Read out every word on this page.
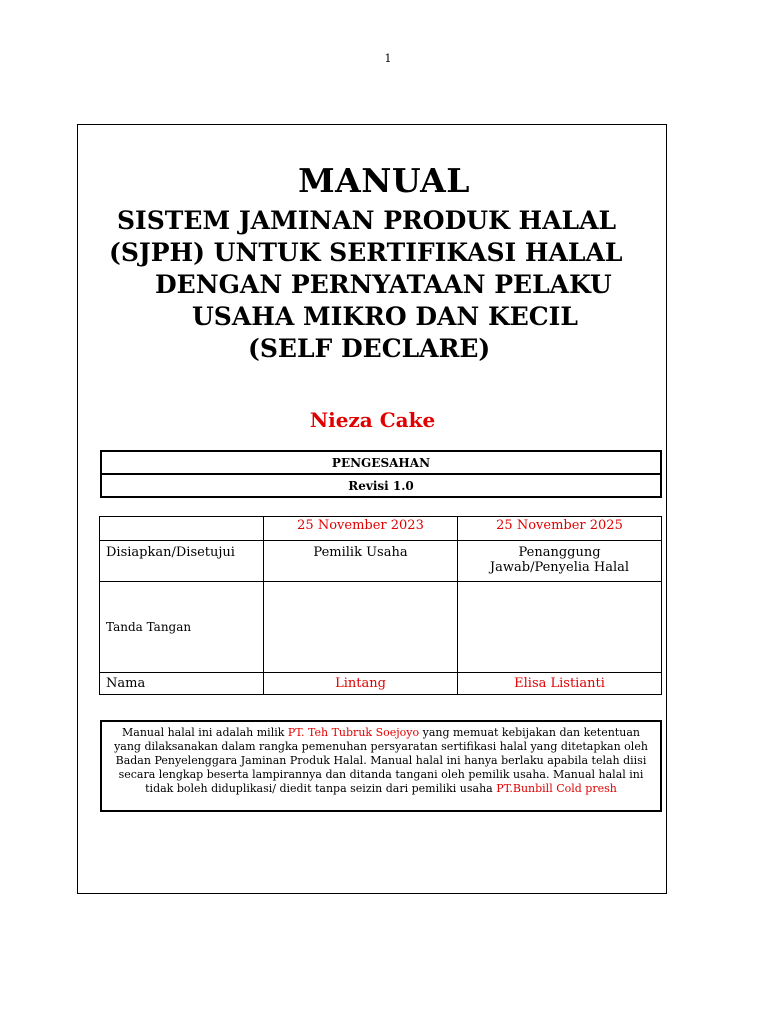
1
MANUAL
SISTEM JAMINAN PRODUK HALAL
(SJPH) UNTUK SERTIFIKASI HALAL
DENGAN PERNYATAAN PELAKU
USAHA MIKRO DAN KECIL
(SELF DECLARE)
Nieza Cake
PENGESAHAN
Revisi 1.0
	25 November 2023	25 November 2025
Disiapkan/Disetujui	Pemilik Usaha	Penanggung
Jawab/Penyelia Halal

Tanda Tangan		
Nama	Lintang	Elisa Listianti
Manual halal ini adalah milik PT. Teh Tubruk Soejoyo yang memuat kebijakan dan ketentuan yang dilaksanakan dalam rangka pemenuhan persyaratan sertifikasi halal yang ditetapkan oleh Badan Penyelenggara Jaminan Produk Halal. Manual halal ini hanya berlaku apabila telah diisi secara lengkap beserta lampirannya dan ditanda tangani oleh pemilik usaha. Manual halal ini tidak boleh diduplikasi/ diedit tanpa seizin dari pemiliki usaha PT.Bunbill Cold presh
